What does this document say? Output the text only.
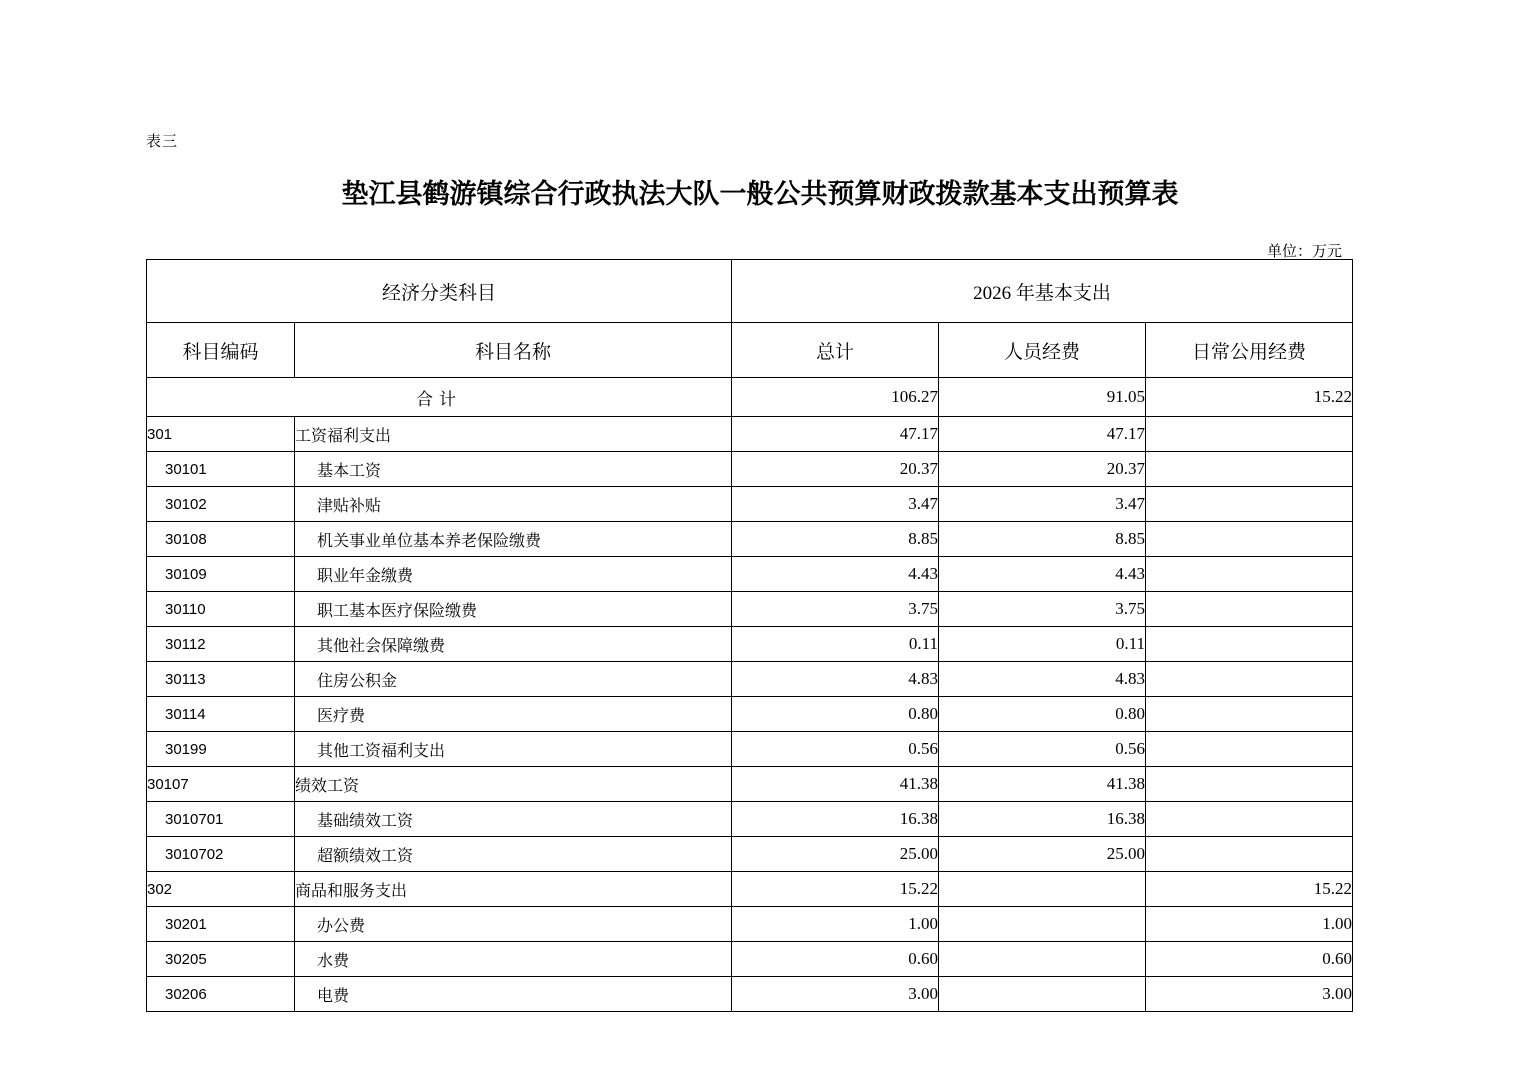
表三
垫江县鹤游镇综合行政执法大队一般公共预算财政拨款基本支出预算表
单位：万元
经济分类科目		2026 年基本支出		
科目编码	科目名称	总计	人员经费	日常公用经费
合计		106.27	91.05	15.22
301	工资福利支出	47.17	47.17	
30101	基本工资	20.37	20.37	
30102	津贴补贴	3.47	3.47	
30108	机关事业单位基本养老保险缴费	8.85	8.85	
30109	职业年金缴费	4.43	4.43	
30110	职工基本医疗保险缴费	3.75	3.75	
30112	其他社会保障缴费	0.11	0.11	
30113	住房公积金	4.83	4.83	
30114	医疗费	0.80	0.80	
30199	其他工资福利支出	0.56	0.56	
30107	绩效工资	41.38	41.38	
3010701	基础绩效工资	16.38	16.38	
3010702	超额绩效工资	25.00	25.00	
302	商品和服务支出	15.22		15.22
30201	办公费	1.00		1.00
30205	水费	0.60		0.60
30206	电费	3.00		3.00
